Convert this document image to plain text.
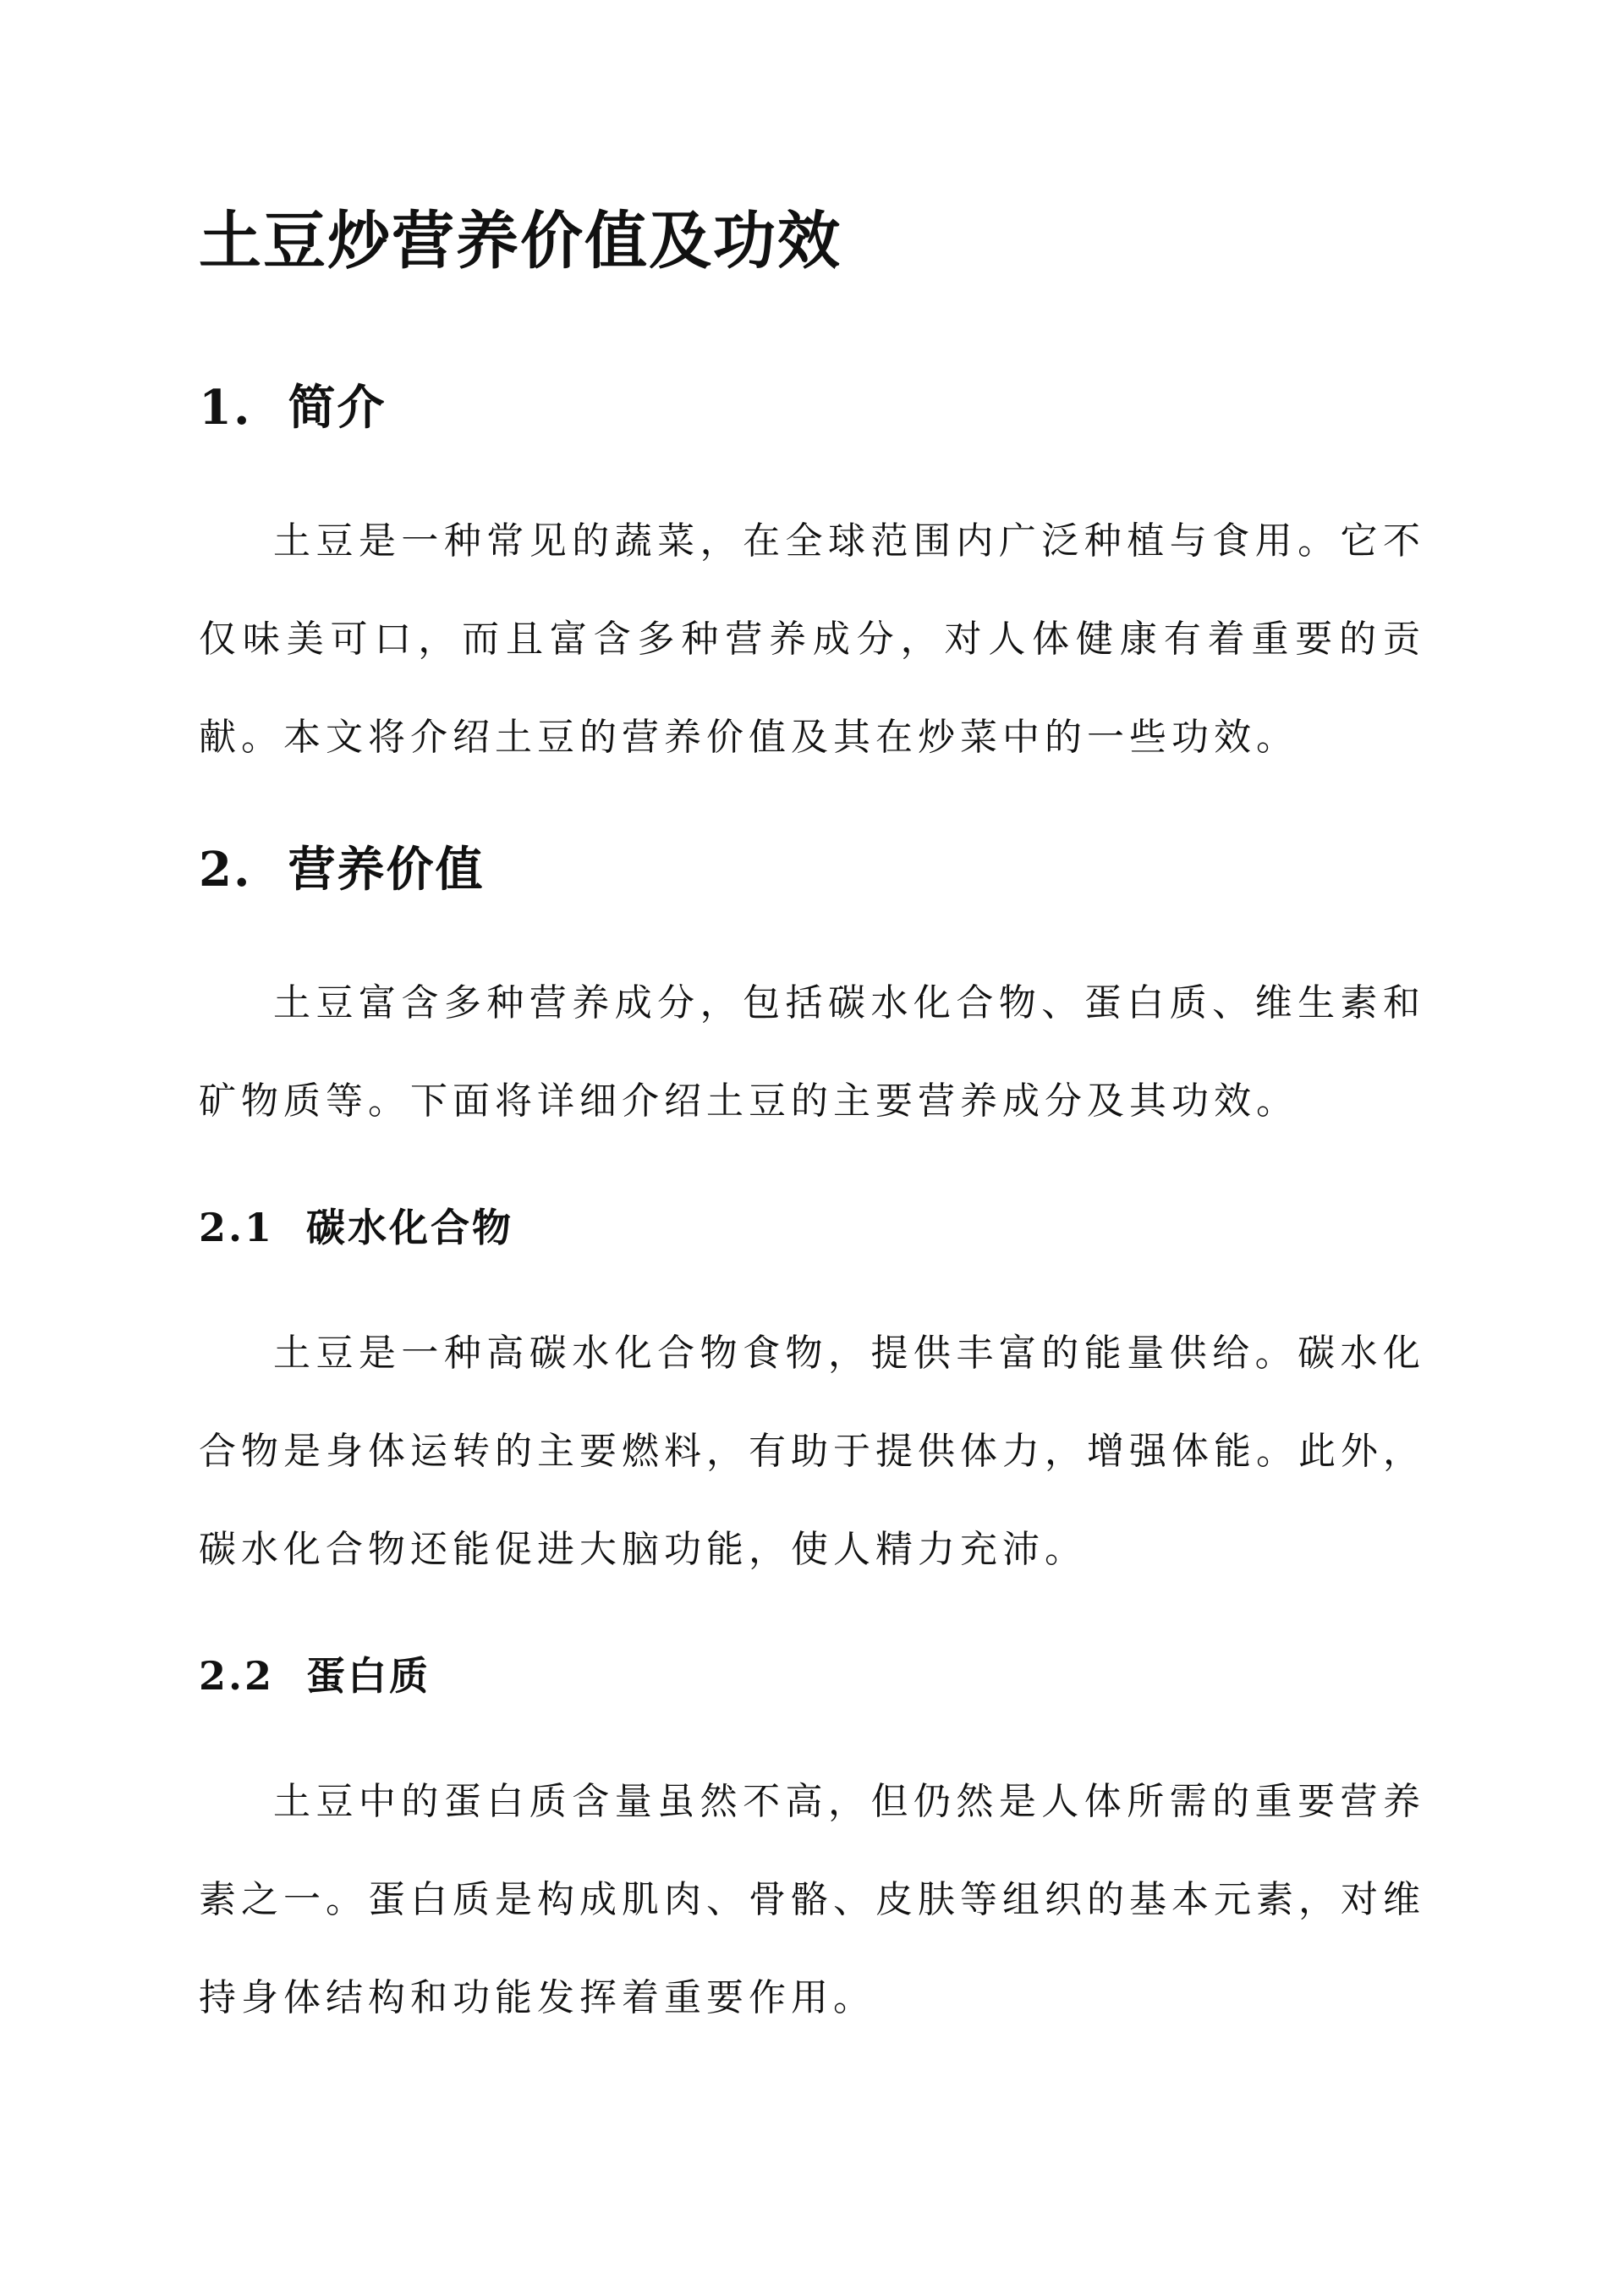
土豆炒营养价值及功效
1.  简介

土豆是一种常见的蔬菜，在全球范围内广泛种植与食用。它不仅味美可口，而且富含多种营养成分，对人体健康有着重要的贡献。本文将介绍土豆的营养价值及其在炒菜中的一些功效。

2.  营养价值

土豆富含多种营养成分，包括碳水化合物、蛋白质、维生素和矿物质等。下面将详细介绍土豆的主要营养成分及其功效。

2.1  碳水化合物

土豆是一种高碳水化合物食物，提供丰富的能量供给。碳水化合物是身体运转的主要燃料，有助于提供体力，增强体能。此外，碳水化合物还能促进大脑功能，使人精力充沛。

2.2  蛋白质

土豆中的蛋白质含量虽然不高，但仍然是人体所需的重要营养素之一。蛋白质是构成肌肉、骨骼、皮肤等组织的基本元素，对维持身体结构和功能发挥着重要作用。
